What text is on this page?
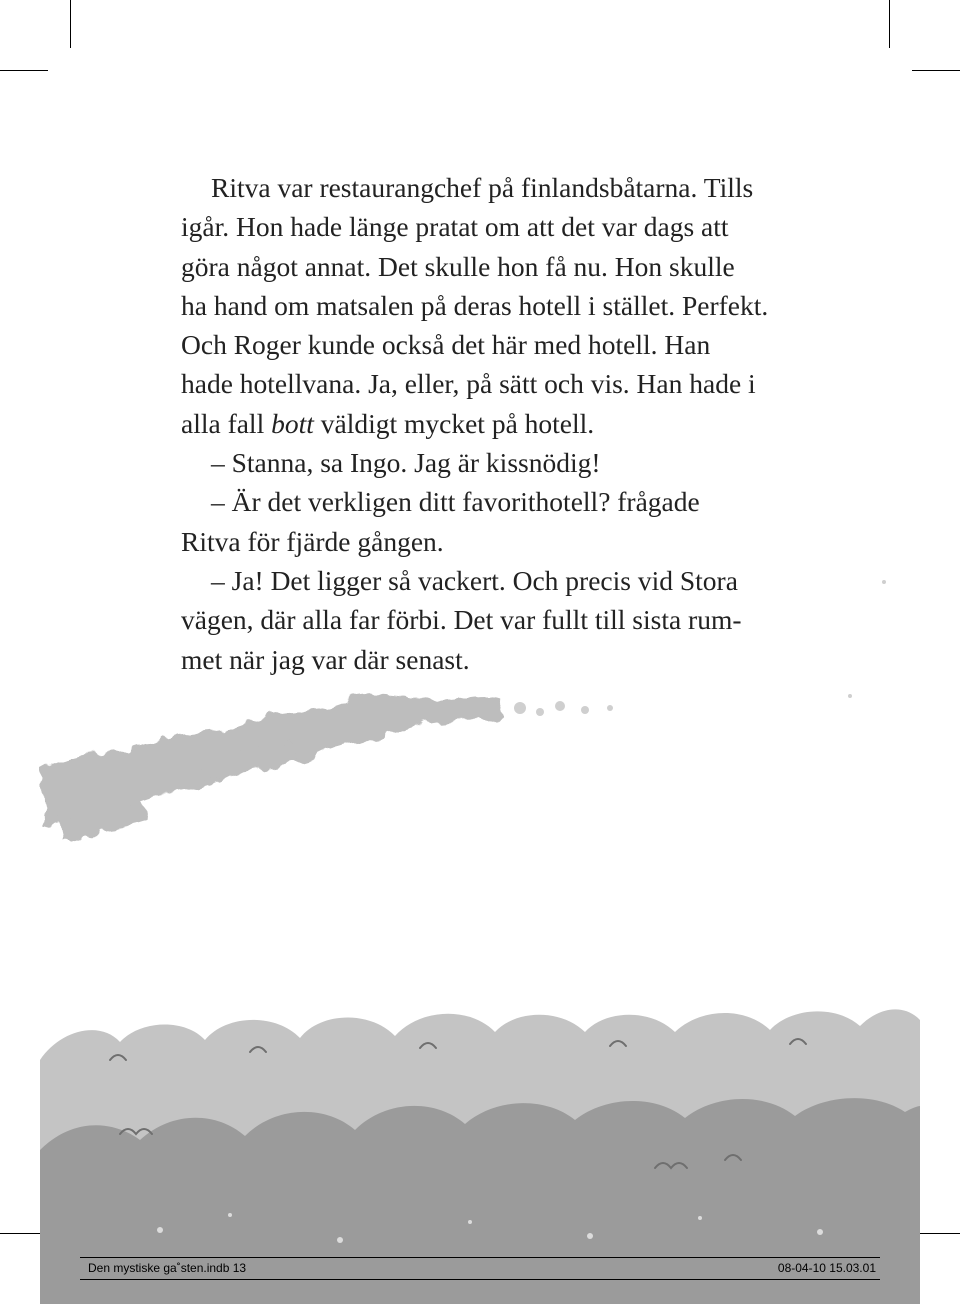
Ritva var restaurangchef på finlandsbåtarna. Tills
igår. Hon hade länge pratat om att det var dags att
göra något annat. Det skulle hon få nu. Hon skulle
ha hand om matsalen på deras hotell i stället. Perfekt.
Och Roger kunde också det här med hotell. Han
hade hotellvana. Ja, eller, på sätt och vis. Han hade i
alla fall bott väldigt mycket på hotell.
– Stanna, sa Ingo. Jag är kissnödig!
– Är det verkligen ditt favorithotell? frågade
Ritva för fjärde gången.
– Ja! Det ligger så vackert. Och precis vid Stora
vägen, där alla far förbi. Det var fullt till sista rum-
met när jag var där senast.
Den mystiske ga˚sten.indb 13	08-04-10 15.03.01
